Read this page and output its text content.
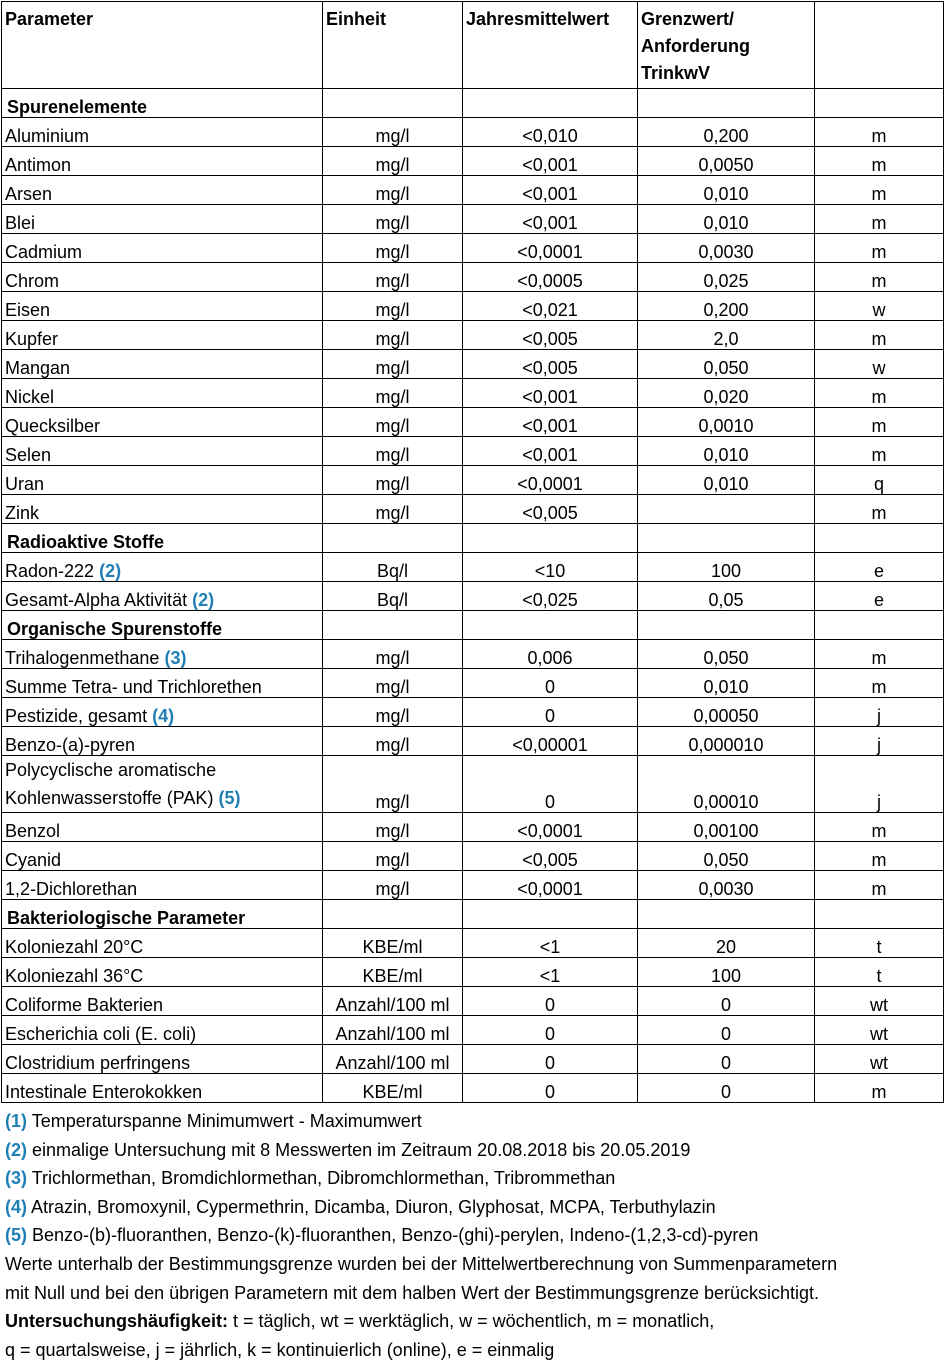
Parameter	Einheit	Jahresmittelwert	Grenzwert/
Anforderung
TrinkwV	
Spurenelemente				
Aluminium	mg/l	<0,010	0,200	m
Antimon	mg/l	<0,001	0,0050	m
Arsen	mg/l	<0,001	0,010	m
Blei	mg/l	<0,001	0,010	m
Cadmium	mg/l	<0,0001	0,0030	m
Chrom	mg/l	<0,0005	0,025	m
Eisen	mg/l	<0,021	0,200	w
Kupfer	mg/l	<0,005	2,0	m
Mangan	mg/l	<0,005	0,050	w
Nickel	mg/l	<0,001	0,020	m
Quecksilber	mg/l	<0,001	0,0010	m
Selen	mg/l	<0,001	0,010	m
Uran	mg/l	<0,0001	0,010	q
Zink	mg/l	<0,005		m
Radioaktive Stoffe				
Radon-222 (2)	Bq/l	<10	100	e
Gesamt-Alpha Aktivität (2)	Bq/l	<0,025	0,05	e
Organische Spurenstoffe				
Trihalogenmethane (3)	mg/l	0,006	0,050	m
Summe Tetra- und Trichlorethen	mg/l	0	0,010	m
Pestizide, gesamt (4)	mg/l	0	0,00050	j
Benzo-(a)-pyren	mg/l	<0,00001	0,000010	j
Polycyclische aromatische
Kohlenwasserstoffe (PAK) (5)	mg/l	0	0,00010	j
Benzol	mg/l	<0,0001	0,00100	m
Cyanid	mg/l	<0,005	0,050	m
1,2-Dichlorethan	mg/l	<0,0001	0,0030	m
Bakteriologische Parameter				
Koloniezahl 20°C	KBE/ml	<1	20	t
Koloniezahl 36°C	KBE/ml	<1	100	t
Coliforme Bakterien	Anzahl/100 ml	0	0	wt
Escherichia coli (E. coli)	Anzahl/100 ml	0	0	wt
Clostridium perfringens	Anzahl/100 ml	0	0	wt
Intestinale Enterokokken	KBE/ml	0	0	m
(1) Temperaturspanne Minimumwert - Maximumwert
(2) einmalige Untersuchung mit 8 Messwerten im Zeitraum 20.08.2018 bis 20.05.2019
(3) Trichlormethan, Bromdichlormethan, Dibromchlormethan, Tribrommethan
(4) Atrazin, Bromoxynil, Cypermethrin, Dicamba, Diuron, Glyphosat, MCPA, Terbuthylazin
(5) Benzo-(b)-fluoranthen, Benzo-(k)-fluoranthen, Benzo-(ghi)-perylen, Indeno-(1,2,3-cd)-pyren
Werte unterhalb der Bestimmungsgrenze wurden bei der Mittelwertberechnung von Summenparametern
mit Null und bei den übrigen Parametern mit dem halben Wert der Bestimmungsgrenze berücksichtigt.
Untersuchungshäufigkeit: t = täglich, wt = werktäglich, w = wöchentlich, m = monatlich,
q = quartalsweise, j = jährlich, k = kontinuierlich (online), e = einmalig
